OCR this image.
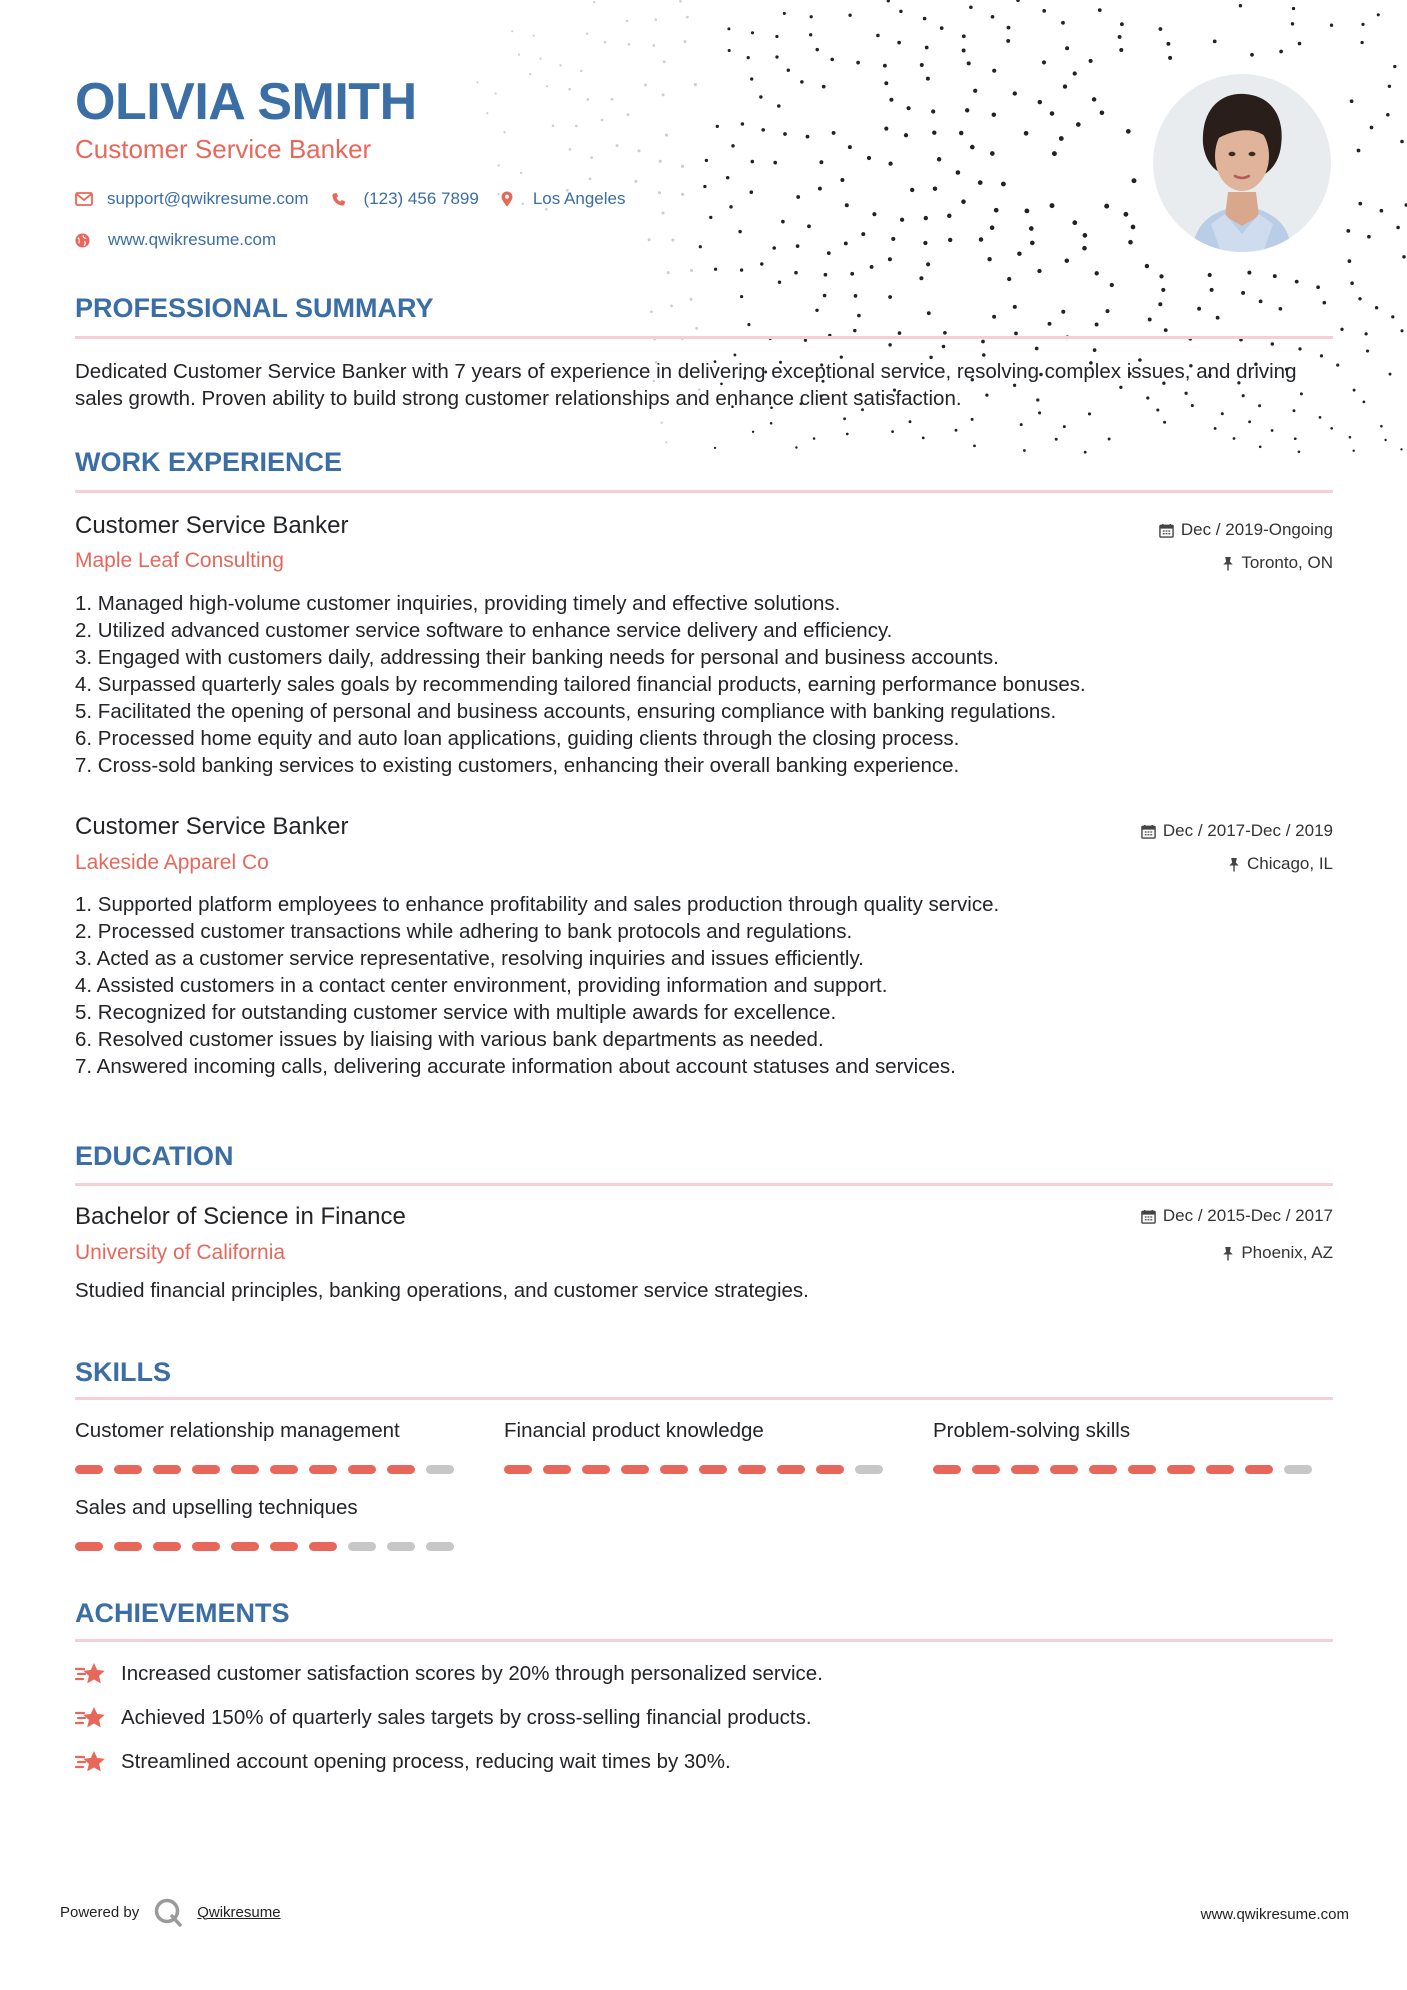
OLIVIA SMITH
Customer Service Banker
support@qwikresume.com	(123) 456 7899	Los Angeles
www.qwikresume.com
PROFESSIONAL SUMMARY

Dedicated Customer Service Banker with 7 years of experience in delivering exceptional service, resolving complex issues, and driving sales growth. Proven ability to build strong customer relationships and enhance client satisfaction.

WORK EXPERIENCE
Customer Service Banker
Maple Leaf Consulting
Dec / 2019-Ongoing
Toronto, ON
1. Managed high-volume customer inquiries, providing timely and effective solutions.
2. Utilized advanced customer service software to enhance service delivery and efficiency.
3. Engaged with customers daily, addressing their banking needs for personal and business accounts.
4. Surpassed quarterly sales goals by recommending tailored financial products, earning performance bonuses.
5. Facilitated the opening of personal and business accounts, ensuring compliance with banking regulations.
6. Processed home equity and auto loan applications, guiding clients through the closing process.
7. Cross-sold banking services to existing customers, enhancing their overall banking experience.
Customer Service Banker
Lakeside Apparel Co
Dec / 2017-Dec / 2019
Chicago, IL
1. Supported platform employees to enhance profitability and sales production through quality service.
2. Processed customer transactions while adhering to bank protocols and regulations.
3. Acted as a customer service representative, resolving inquiries and issues efficiently.
4. Assisted customers in a contact center environment, providing information and support.
5. Recognized for outstanding customer service with multiple awards for excellence.
6. Resolved customer issues by liaising with various bank departments as needed.
7. Answered incoming calls, delivering accurate information about account statuses and services.
EDUCATION
Bachelor of Science in Finance
University of California
Dec / 2015-Dec / 2017
Phoenix, AZ

Studied financial principles, banking operations, and customer service strategies.

SKILLS
Customer relationship management	Financial product knowledge	Problem-solving skills
Sales and upselling techniques
ACHIEVEMENTS
Increased customer satisfaction scores by 20% through personalized service.
Achieved 150% of quarterly sales targets by cross-selling financial products.
Streamlined account opening process, reducing wait times by 30%.
Powered by	Qwikresume	www.qwikresume.com
